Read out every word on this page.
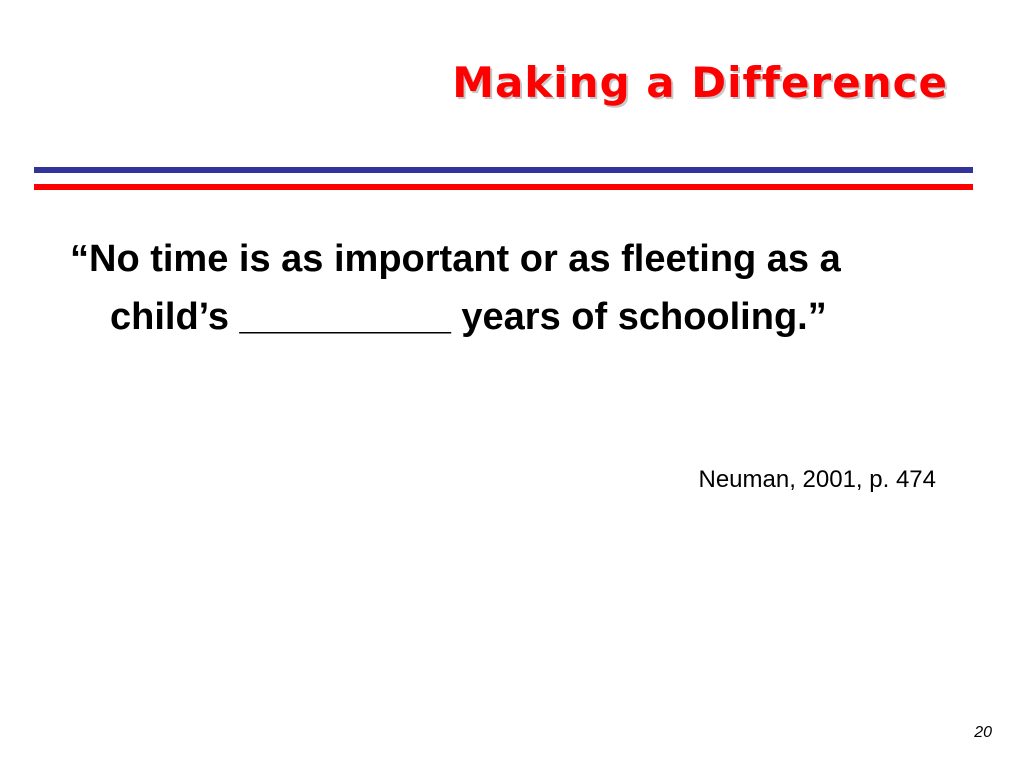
Making a Difference

“No time is as important or as fleeting as a child’s __________ years of schooling.”

Neuman, 2001, p. 474
20
